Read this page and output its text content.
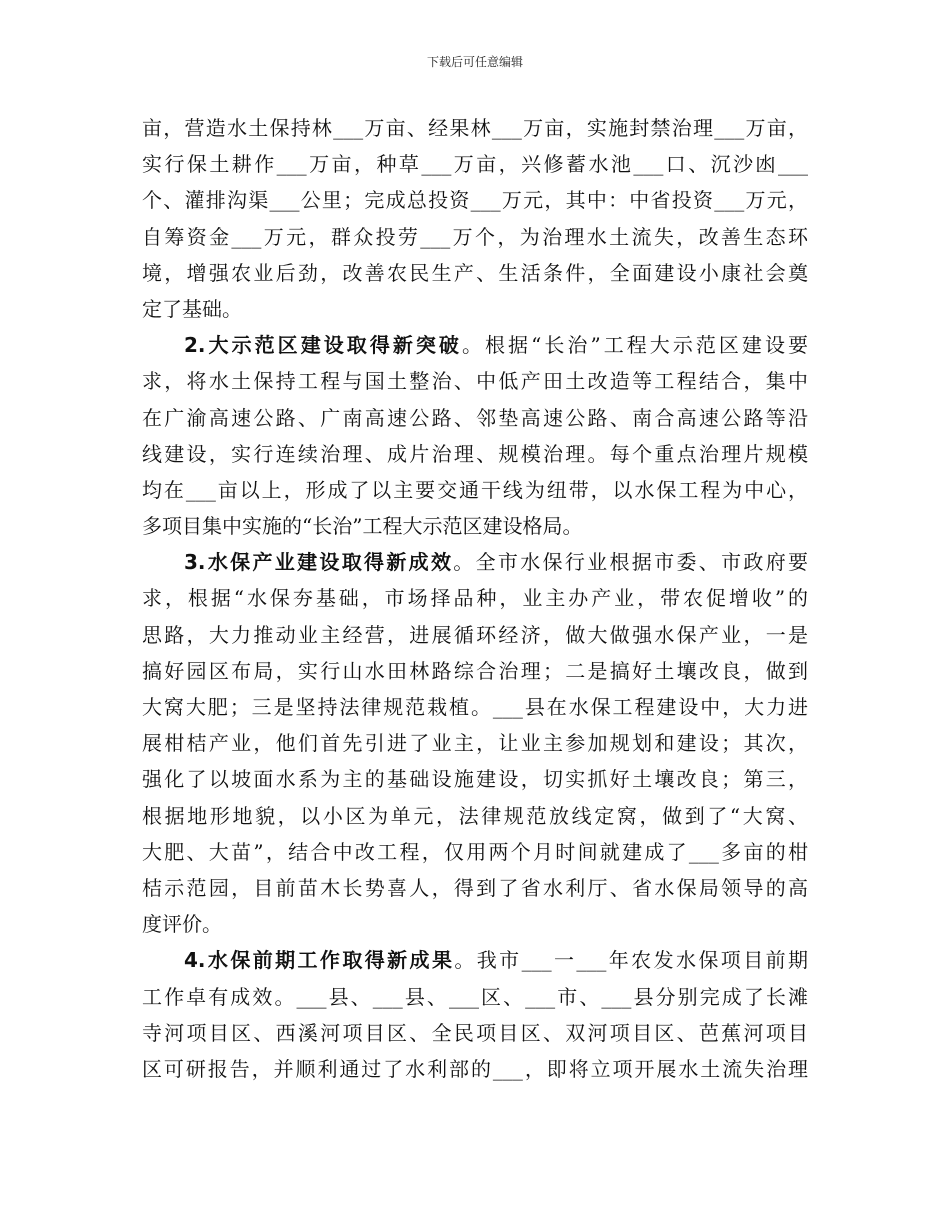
下载后可任意编辑
亩，营造水土保持林___万亩、经果林___万亩，实施封禁治理___万亩，
实行保土耕作___万亩，种草___万亩，兴修蓄水池___口、沉沙凼___
个、灌排沟渠___公里；完成总投资___万元，其中：中省投资___万元，
自筹资金___万元，群众投劳___万个，为治理水土流失，改善生态环
境，增强农业后劲，改善农民生产、生活条件，全面建设小康社会奠
定了基础。
2.大示范区建设取得新突破。根据“长治”工程大示范区建设要
求，将水土保持工程与国土整治、中低产田土改造等工程结合，集中
在广渝高速公路、广南高速公路、邻垫高速公路、南合高速公路等沿
线建设，实行连续治理、成片治理、规模治理。每个重点治理片规模
均在___亩以上，形成了以主要交通干线为纽带，以水保工程为中心，
多项目集中实施的“长治”工程大示范区建设格局。
3.水保产业建设取得新成效。全市水保行业根据市委、市政府要
求，根据“水保夯基础，市场择品种，业主办产业，带农促增收”的
思路，大力推动业主经营，进展循环经济，做大做强水保产业，一是
搞好园区布局，实行山水田林路综合治理；二是搞好土壤改良，做到
大窝大肥；三是坚持法律规范栽植。___县在水保工程建设中，大力进
展柑桔产业，他们首先引进了业主，让业主参加规划和建设；其次，
强化了以坡面水系为主的基础设施建设，切实抓好土壤改良；第三，
根据地形地貌，以小区为单元，法律规范放线定窝，做到了“大窝、
大肥、大苗”，结合中改工程，仅用两个月时间就建成了___多亩的柑
桔示范园，目前苗木长势喜人，得到了省水利厅、省水保局领导的高
度评价。
4.水保前期工作取得新成果。我市___一___年农发水保项目前期
工作卓有成效。___县、___县、___区、___市、___县分别完成了长滩
寺河项目区、西溪河项目区、全民项目区、双河项目区、芭蕉河项目
区可研报告，并顺利通过了水利部的___，即将立项开展水土流失治理
